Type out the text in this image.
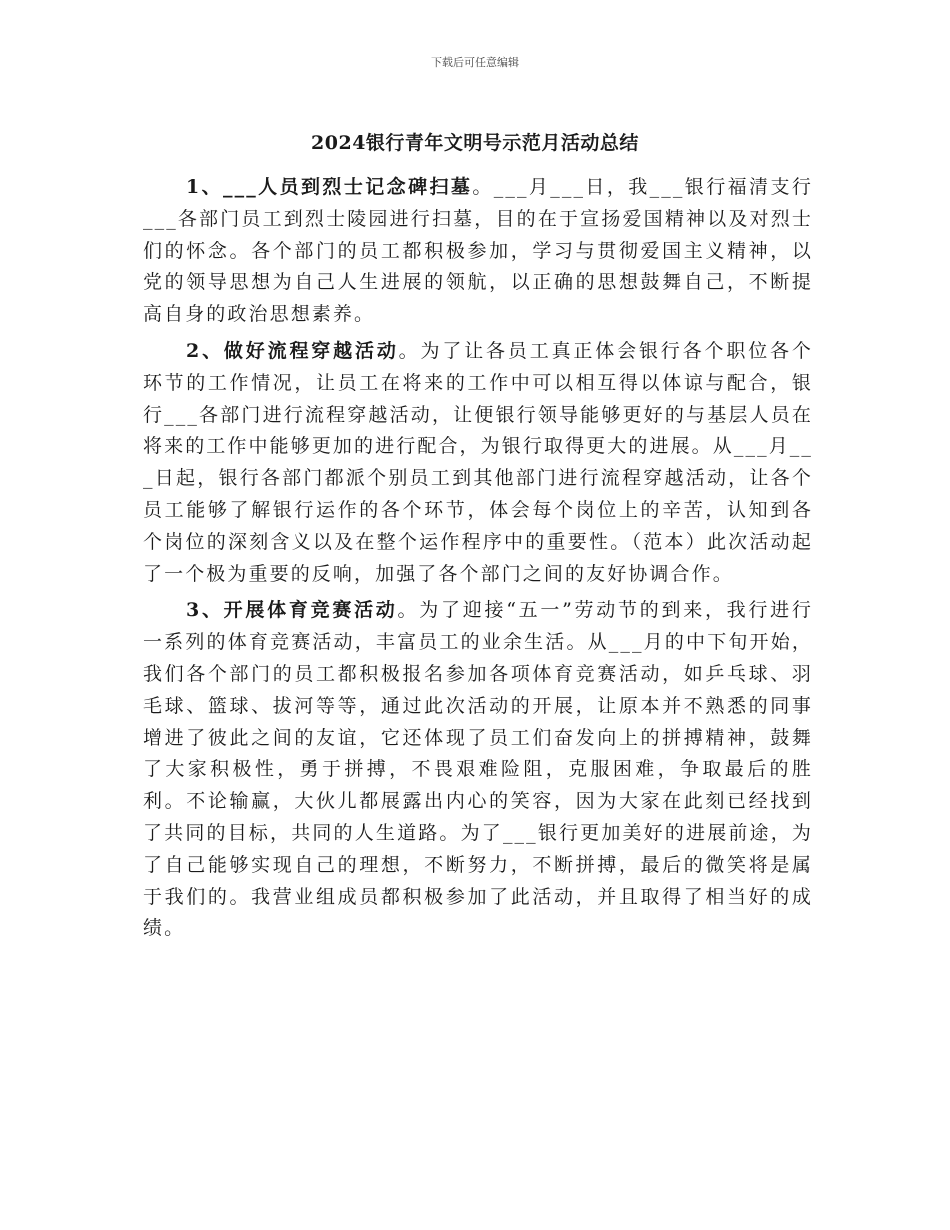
下载后可任意编辑
2024银行青年文明号示范月活动总结

1、___人员到烈士记念碑扫墓。___月___日，我___银行福清支行___各部门员工到烈士陵园进行扫墓，目的在于宣扬爱国精神以及对烈士们的怀念。各个部门的员工都积极参加，学习与贯彻爱国主义精神，以党的领导思想为自己人生进展的领航，以正确的思想鼓舞自己，不断提高自身的政治思想素养。

2、做好流程穿越活动。为了让各员工真正体会银行各个职位各个环节的工作情况，让员工在将来的工作中可以相互得以体谅与配合，银行___各部门进行流程穿越活动，让便银行领导能够更好的与基层人员在将来的工作中能够更加的进行配合，为银行取得更大的进展。从___月___日起，银行各部门都派个别员工到其他部门进行流程穿越活动，让各个员工能够了解银行运作的各个环节，体会每个岗位上的辛苦，认知到各个岗位的深刻含义以及在整个运作程序中的重要性。（范本）此次活动起了一个极为重要的反响，加强了各个部门之间的友好协调合作。

3、开展体育竞赛活动。为了迎接“五一”劳动节的到来，我行进行一系列的体育竞赛活动，丰富员工的业余生活。从___月的中下旬开始，我们各个部门的员工都积极报名参加各项体育竞赛活动，如乒乓球、羽毛球、篮球、拔河等等，通过此次活动的开展，让原本并不熟悉的同事增进了彼此之间的友谊，它还体现了员工们奋发向上的拼搏精神，鼓舞了大家积极性，勇于拼搏，不畏艰难险阻，克服困难，争取最后的胜利。不论输赢，大伙儿都展露出内心的笑容，因为大家在此刻已经找到了共同的目标，共同的人生道路。为了___银行更加美好的进展前途，为了自己能够实现自己的理想，不断努力，不断拼搏，最后的微笑将是属于我们的。我营业组成员都积极参加了此活动，并且取得了相当好的成绩。
